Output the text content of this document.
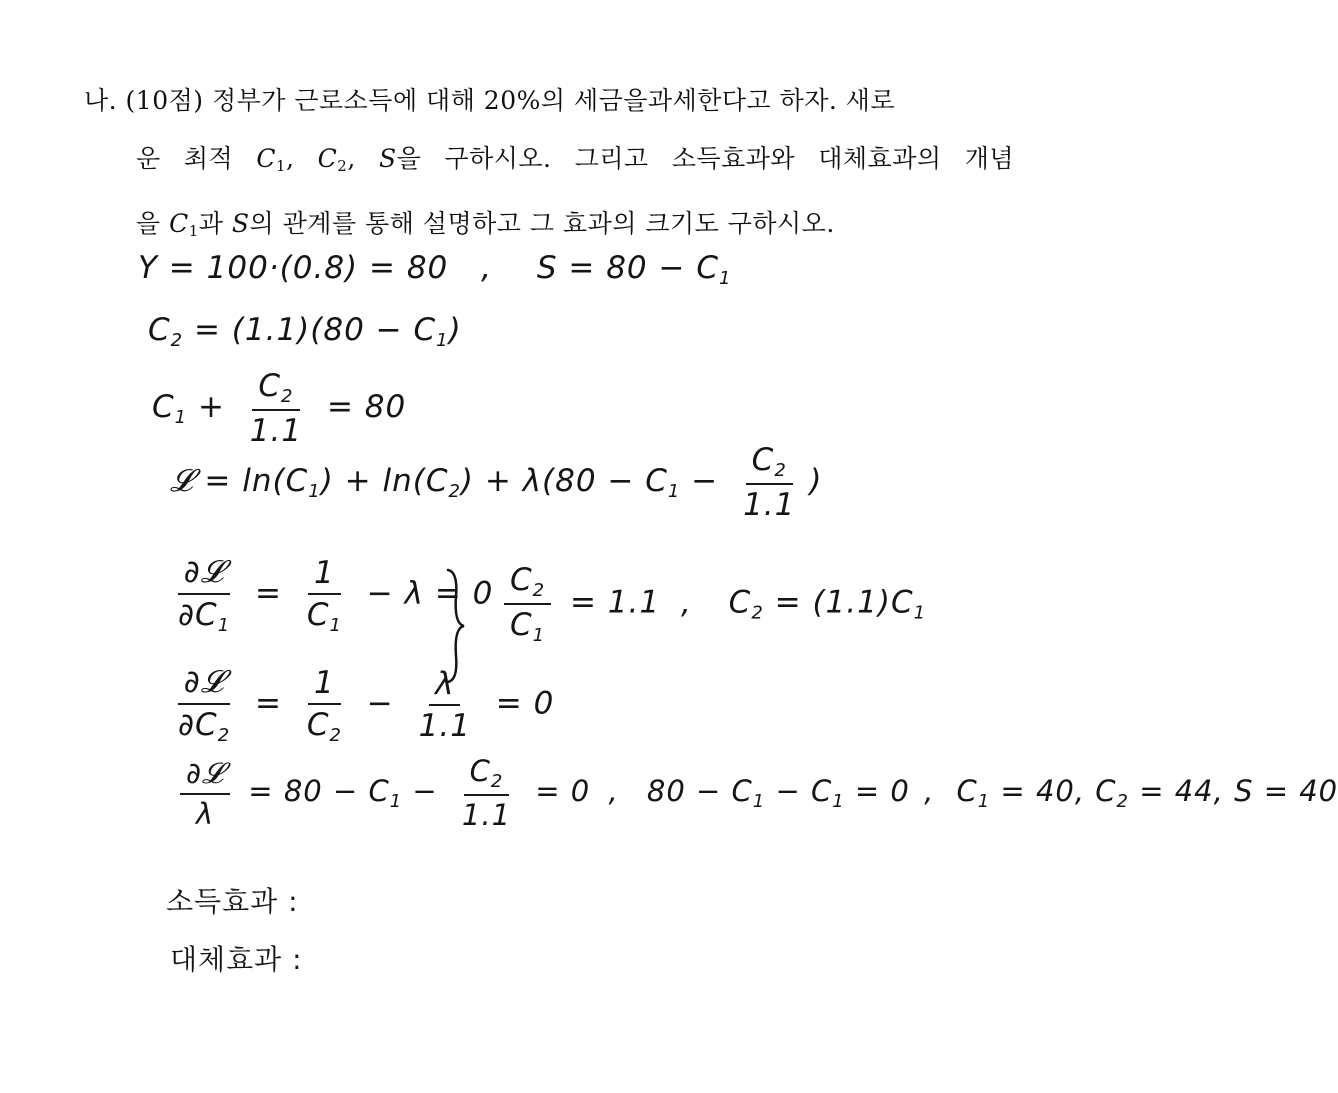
나. (10점) 정부가 근로소득에 대해 20%의 세금을과세한다고 하자. 새로
운 최적 $C_1$, $C_2$, S을 구하시오. 그리고 소득효과와 대체효과의 개념
을 $C_1$과 S의 관계를 통해 설명하고 그 효과의 크기도 구하시오.
Y = 100·(0.8) = 80 , $S = 80 - C_1$
$C_2 = (1.1)(80 - C_1)$
$C_1 + \frac{C_2}{1.1} = 80$
𝓛 = $\ln(C_1) + \ln(C_2) + \lambda(80 - C_1 - \frac{C_2}{1.1}$ )
$\frac{\text{∂𝓛}}{\partial C_1} = \frac{1}{C_1} - \lambda = 0$
$\frac{\text{∂𝓛}}{\partial C_2} = \frac{1}{C_2} - \frac{\lambda}{1.1} = 0$
$\frac{C_2}{C_1} = 1.1$ , $C_2 = (1.1)C_1$
$\frac{\text{∂𝓛}}{\lambda} = 80 - C_1 - \frac{C_2}{1.1} = 0$ , $80 - C_1 - C_1 = 0$ , $C_1 = 40$, $C_2 = 44$, S = 40
소득효과 :
대체효과 :
